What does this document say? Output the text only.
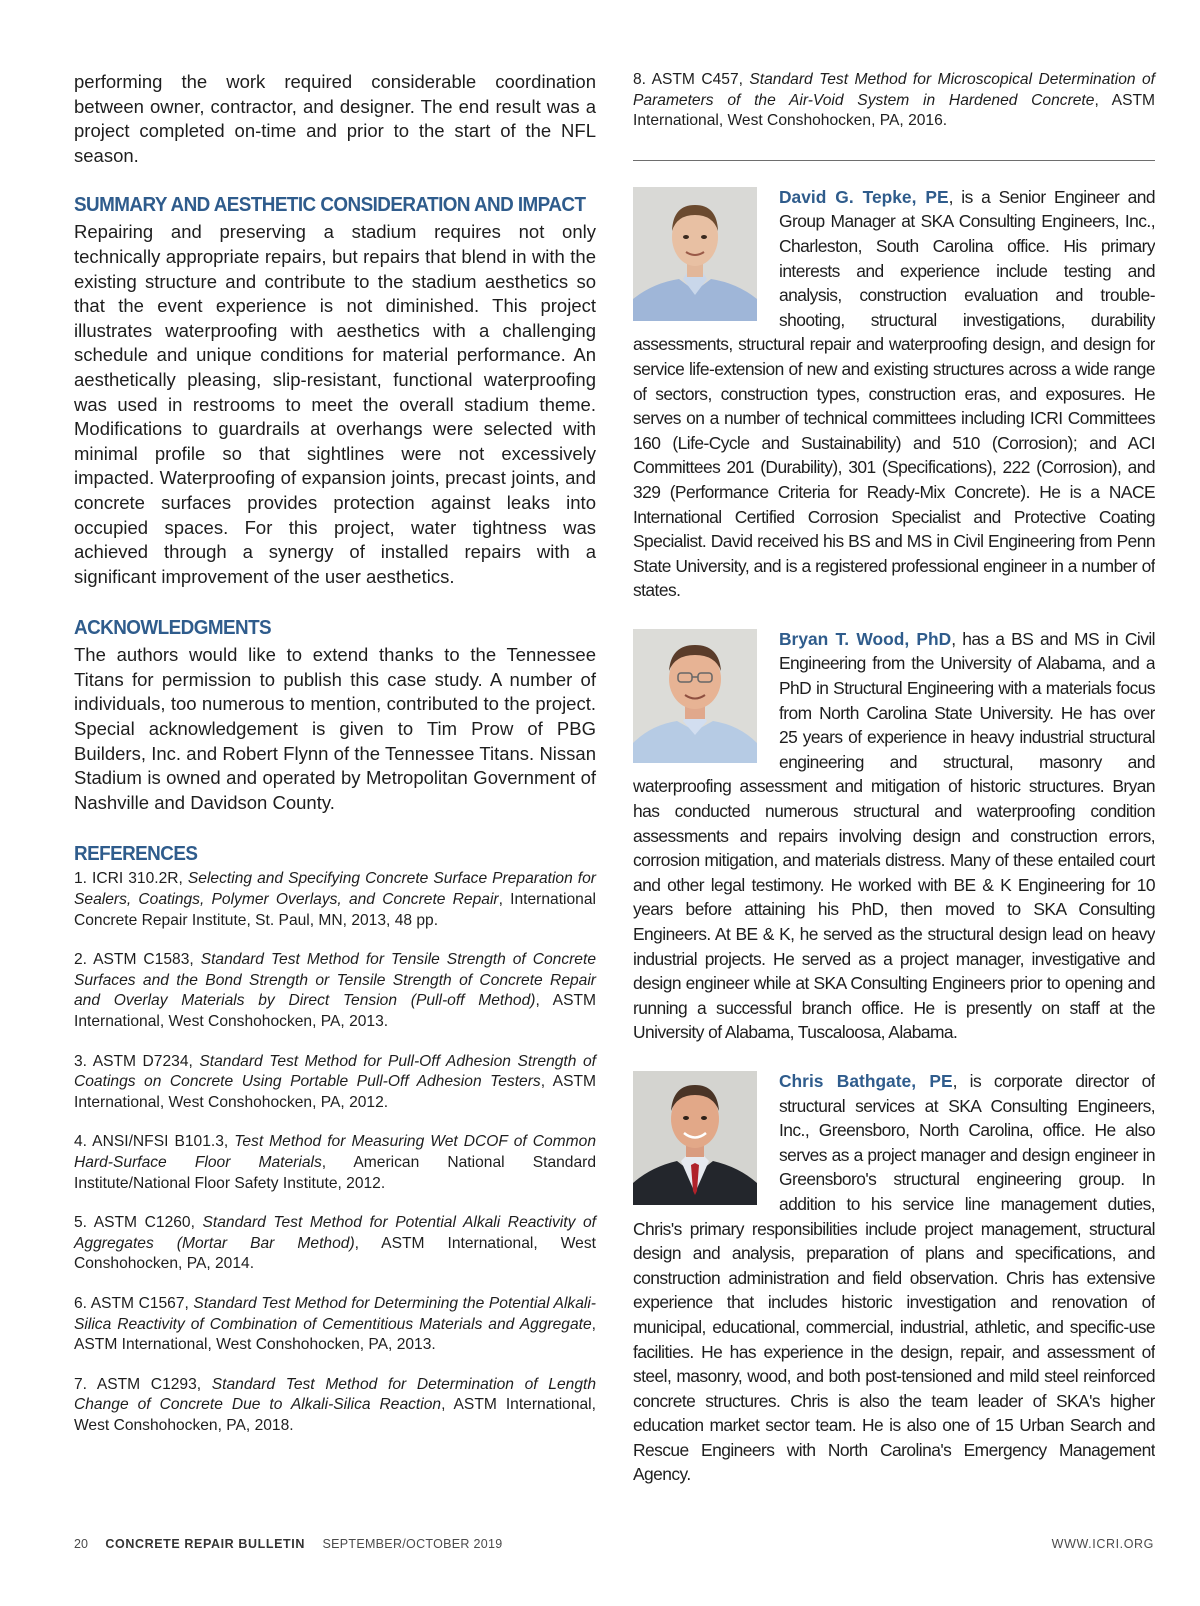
performing the work required considerable coordination between owner, contractor, and designer. The end result was a project completed on-time and prior to the start of the NFL season.

SUMMARY AND AESTHETIC CONSIDERATION AND IMPACT

Repairing and preserving a stadium requires not only technically appropriate repairs, but repairs that blend in with the existing structure and contribute to the stadium aesthetics so that the event experience is not diminished. This project illustrates waterproofing with aesthetics with a challenging schedule and unique conditions for material performance. An aesthetically pleasing, slip-resistant, functional waterproofing was used in restrooms to meet the overall stadium theme. Modifications to guardrails at overhangs were selected with minimal profile so that sightlines were not excessively impacted. Waterproofing of expansion joints, precast joints, and concrete surfaces provides protection against leaks into occupied spaces. For this project, water tightness was achieved through a synergy of installed repairs with a significant improvement of the user aesthetics.

ACKNOWLEDGMENTS

The authors would like to extend thanks to the Tennessee Titans for permission to publish this case study. A number of individuals, too numerous to mention, contributed to the project. Special acknowledgement is given to Tim Prow of PBG Builders, Inc. and Robert Flynn of the Tennessee Titans. Nissan Stadium is owned and operated by Metropolitan Government of Nashville and Davidson County.

REFERENCES

1. ICRI 310.2R, Selecting and Specifying Concrete Surface Preparation for Sealers, Coatings, Polymer Overlays, and Concrete Repair, International Concrete Repair Institute, St. Paul, MN, 2013, 48 pp.

2. ASTM C1583, Standard Test Method for Tensile Strength of Concrete Surfaces and the Bond Strength or Tensile Strength of Concrete Repair and Overlay Materials by Direct Tension (Pull-off Method), ASTM International, West Conshohocken, PA, 2013.

3. ASTM D7234, Standard Test Method for Pull-Off Adhesion Strength of Coatings on Concrete Using Portable Pull-Off Adhesion Testers, ASTM International, West Conshohocken, PA, 2012.

4. ANSI/NFSI B101.3, Test Method for Measuring Wet DCOF of Common Hard-Surface Floor Materials, American National Standard Institute/National Floor Safety Institute, 2012.

5. ASTM C1260, Standard Test Method for Potential Alkali Reactivity of Aggregates (Mortar Bar Method), ASTM International, West Conshohocken, PA, 2014.

6. ASTM C1567, Standard Test Method for Determining the Potential Alkali-Silica Reactivity of Combination of Cementitious Materials and Aggregate, ASTM International, West Conshohocken, PA, 2013.

7. ASTM C1293, Standard Test Method for Determination of Length Change of Concrete Due to Alkali-Silica Reaction, ASTM International, West Conshohocken, PA, 2018.

8. ASTM C457, Standard Test Method for Microscopical Determination of Parameters of the Air-Void System in Hardened Concrete, ASTM International, West Conshohocken, PA, 2016.

David G. Tepke, PE, is a Senior Engineer and Group Manager at SKA Consulting Engineers, Inc., Charleston, South Carolina office. His primary interests and experience include testing and analysis, construction evaluation and trouble-shooting, structural investigations, durability assessments, structural repair and waterproofing design, and design for service life-extension of new and existing structures across a wide range of sectors, construction types, construction eras, and exposures. He serves on a number of technical committees including ICRI Committees 160 (Life-Cycle and Sustainability) and 510 (Corrosion); and ACI Committees 201 (Durability), 301 (Specifications), 222 (Corrosion), and 329 (Performance Criteria for Ready-Mix Concrete). He is a NACE International Certified Corrosion Specialist and Protective Coating Specialist. David received his BS and MS in Civil Engineering from Penn State University, and is a registered professional engineer in a number of states.

Bryan T. Wood, PhD, has a BS and MS in Civil Engineering from the University of Alabama, and a PhD in Structural Engineering with a materials focus from North Carolina State University. He has over 25 years of experience in heavy industrial structural engineering and structural, masonry and waterproofing assessment and mitigation of historic structures. Bryan has conducted numerous structural and waterproofing condition assessments and repairs involving design and construction errors, corrosion mitigation, and materials distress. Many of these entailed court and other legal testimony. He worked with BE & K Engineering for 10 years before attaining his PhD, then moved to SKA Consulting Engineers. At BE & K, he served as the structural design lead on heavy industrial projects. He served as a project manager, investigative and design engineer while at SKA Consulting Engineers prior to opening and running a successful branch office. He is presently on staff at the University of Alabama, Tuscaloosa, Alabama.

Chris Bathgate, PE, is corporate director of structural services at SKA Consulting Engineers, Inc., Greensboro, North Carolina, office. He also serves as a project manager and design engineer in Greensboro's structural engineering group. In addition to his service line management duties, Chris's primary responsibilities include project management, structural design and analysis, preparation of plans and specifications, and construction administration and field observation. Chris has extensive experience that includes historic investigation and renovation of municipal, educational, commercial, industrial, athletic, and specific-use facilities. He has experience in the design, repair, and assessment of steel, masonry, wood, and both post-tensioned and mild steel reinforced concrete structures. Chris is also the team leader of SKA's higher education market sector team. He is also one of 15 Urban Search and Rescue Engineers with North Carolina's Emergency Management Agency.

20 CONCRETE REPAIR BULLETIN SEPTEMBER/OCTOBER 2019	WWW.ICRI.ORG
